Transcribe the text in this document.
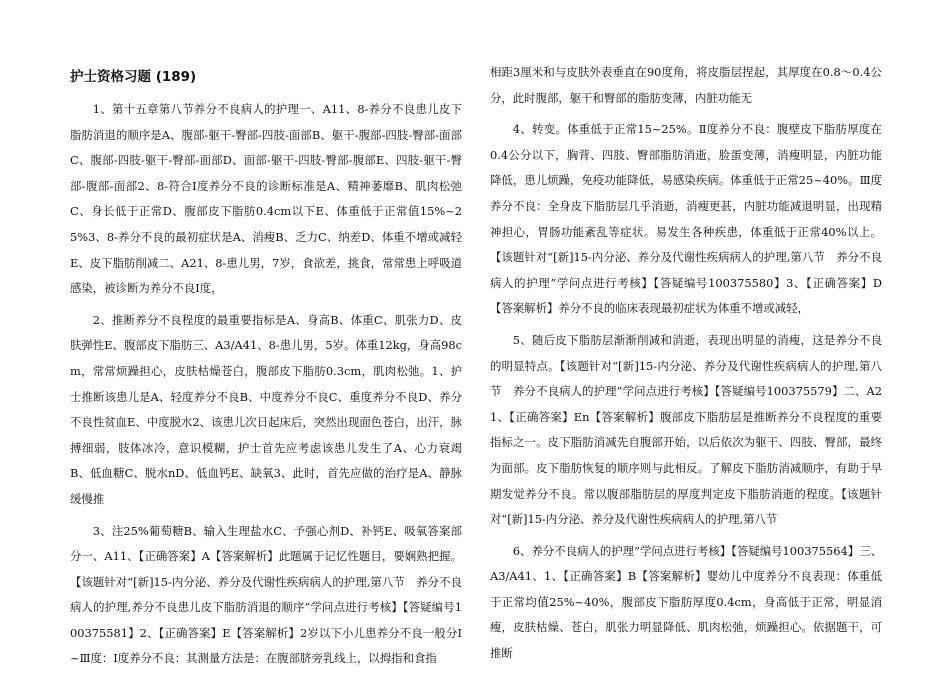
护士资格习题 (189)

1、第十五章第八节养分不良病人的护理一、A11、8-养分不良患儿皮下脂肪消退的顺序是A、腹部-躯干-臀部-四肢-面部B、躯干-腹部-四肢-臀部-面部C、腹部-四肢-躯干-臀部-面部D、面部-躯干-四肢-臀部-腹部E、四肢-躯干-臀部-腹部-面部2、8-符合Ⅰ度养分不良的诊断标准是A、精神萎靡B、肌肉松弛C、身长低于正常D、腹部皮下脂肪0.4cm以下E、体重低于正常值15%~25%3、8-养分不良的最初症状是A、消瘦B、乏力C、纳差D、体重不增或减轻E、皮下脂肪削减二、A21、8-患儿男，7岁，食欲差，挑食，常常患上呼吸道感染，被诊断为养分不良Ⅰ度，

2、推断养分不良程度的最重要指标是A、身高B、体重C、肌张力D、皮肤弹性E、腹部皮下脂肪三、A3/A41、8-患儿男，5岁。体重12kg，身高98cm，常常烦躁担心，皮肤枯燥苍白，腹部皮下脂肪0.3cm，肌肉松弛。1、护士推断该患儿是A、轻度养分不良B、中度养分不良C、重度养分不良D、养分不良性贫血E、中度脱水2、该患儿次日起床后，突然出现面色苍白，出汗，脉搏细弱，肢体冰冷，意识模糊，护士首先应考虑该患儿发生了A、心力衰竭B、低血糖C、脱水nD、低血钙E、缺氧3、此时，首先应做的治疗是A、静脉缓慢推

3、注25%葡萄糖B、输入生理盐水C、予强心剂D、补钙E、吸氧答案部分一、A11、【正确答案】A【答案解析】此题属于记忆性题目，要娴熟把握。【该题针对“[新]15-内分泌、养分及代谢性疾病病人的护理,第八节　养分不良病人的护理,养分不良患儿皮下脂肪消退的顺序”学问点进行考核】【答疑编号100375581】2、【正确答案】E【答案解析】2岁以下小儿患养分不良一般分Ⅰ~Ⅲ度：Ⅰ度养分不良：其测量方法是：在腹部脐旁乳线上，以拇指和食指

相距3厘米和与皮肤外表垂直在90度角，将皮脂层捏起，其厚度在0.8～0.4公分，此时腹部，躯干和臀部的脂肪变薄，内脏功能无

4、转变。体重低于正常15~25%。Ⅱ度养分不良：腹壁皮下脂肪厚度在0.4公分以下，胸背、四肢、臀部脂肪消逝，脸蛋变薄，消瘦明显，内脏功能降低，患儿烦躁，免疫功能降低，易感染疾病。体重低于正常25~40%。Ⅲ度养分不良：全身皮下脂肪层几乎消逝，消瘦更甚，内脏功能减退明显，出现精神担心，胃肠功能紊乱等症状。易发生各种疾患，体重低于正常40%以上。【该题针对“[新]15-内分泌、养分及代谢性疾病病人的护理,第八节　养分不良病人的护理”学问点进行考核】【答疑编号100375580】3、【正确答案】D【答案解析】养分不良的临床表现最初症状为体重不增或减轻，

5、随后皮下脂肪层渐渐削减和消逝，表现出明显的消瘦，这是养分不良的明显特点。【该题针对“[新]15-内分泌、养分及代谢性疾病病人的护理,第八节　养分不良病人的护理”学问点进行考核】【答疑编号100375579】二、A21、【正确答案】En【答案解析】腹部皮下脂肪层是推断养分不良程度的重要指标之一。皮下脂肪消减先自腹部开始，以后依次为躯干、四肢、臀部，最终为面部。皮下脂肪恢复的顺序则与此相反。了解皮下脂肪消减顺序，有助于早期发觉养分不良。常以腹部脂肪层的厚度判定皮下脂肪消逝的程度。【该题针对“[新]15-内分泌、养分及代谢性疾病病人的护理,第八节

6、养分不良病人的护理”学问点进行考核】【答疑编号100375564】三、A3/A41、1、【正确答案】B【答案解析】婴幼儿中度养分不良表现：体重低于正常均值25%~40%，腹部皮下脂肪厚度0.4cm，身高低于正常，明显消瘦，皮肤枯燥、苍白，肌张力明显降低、肌肉松弛，烦躁担心。依据题干，可推断
